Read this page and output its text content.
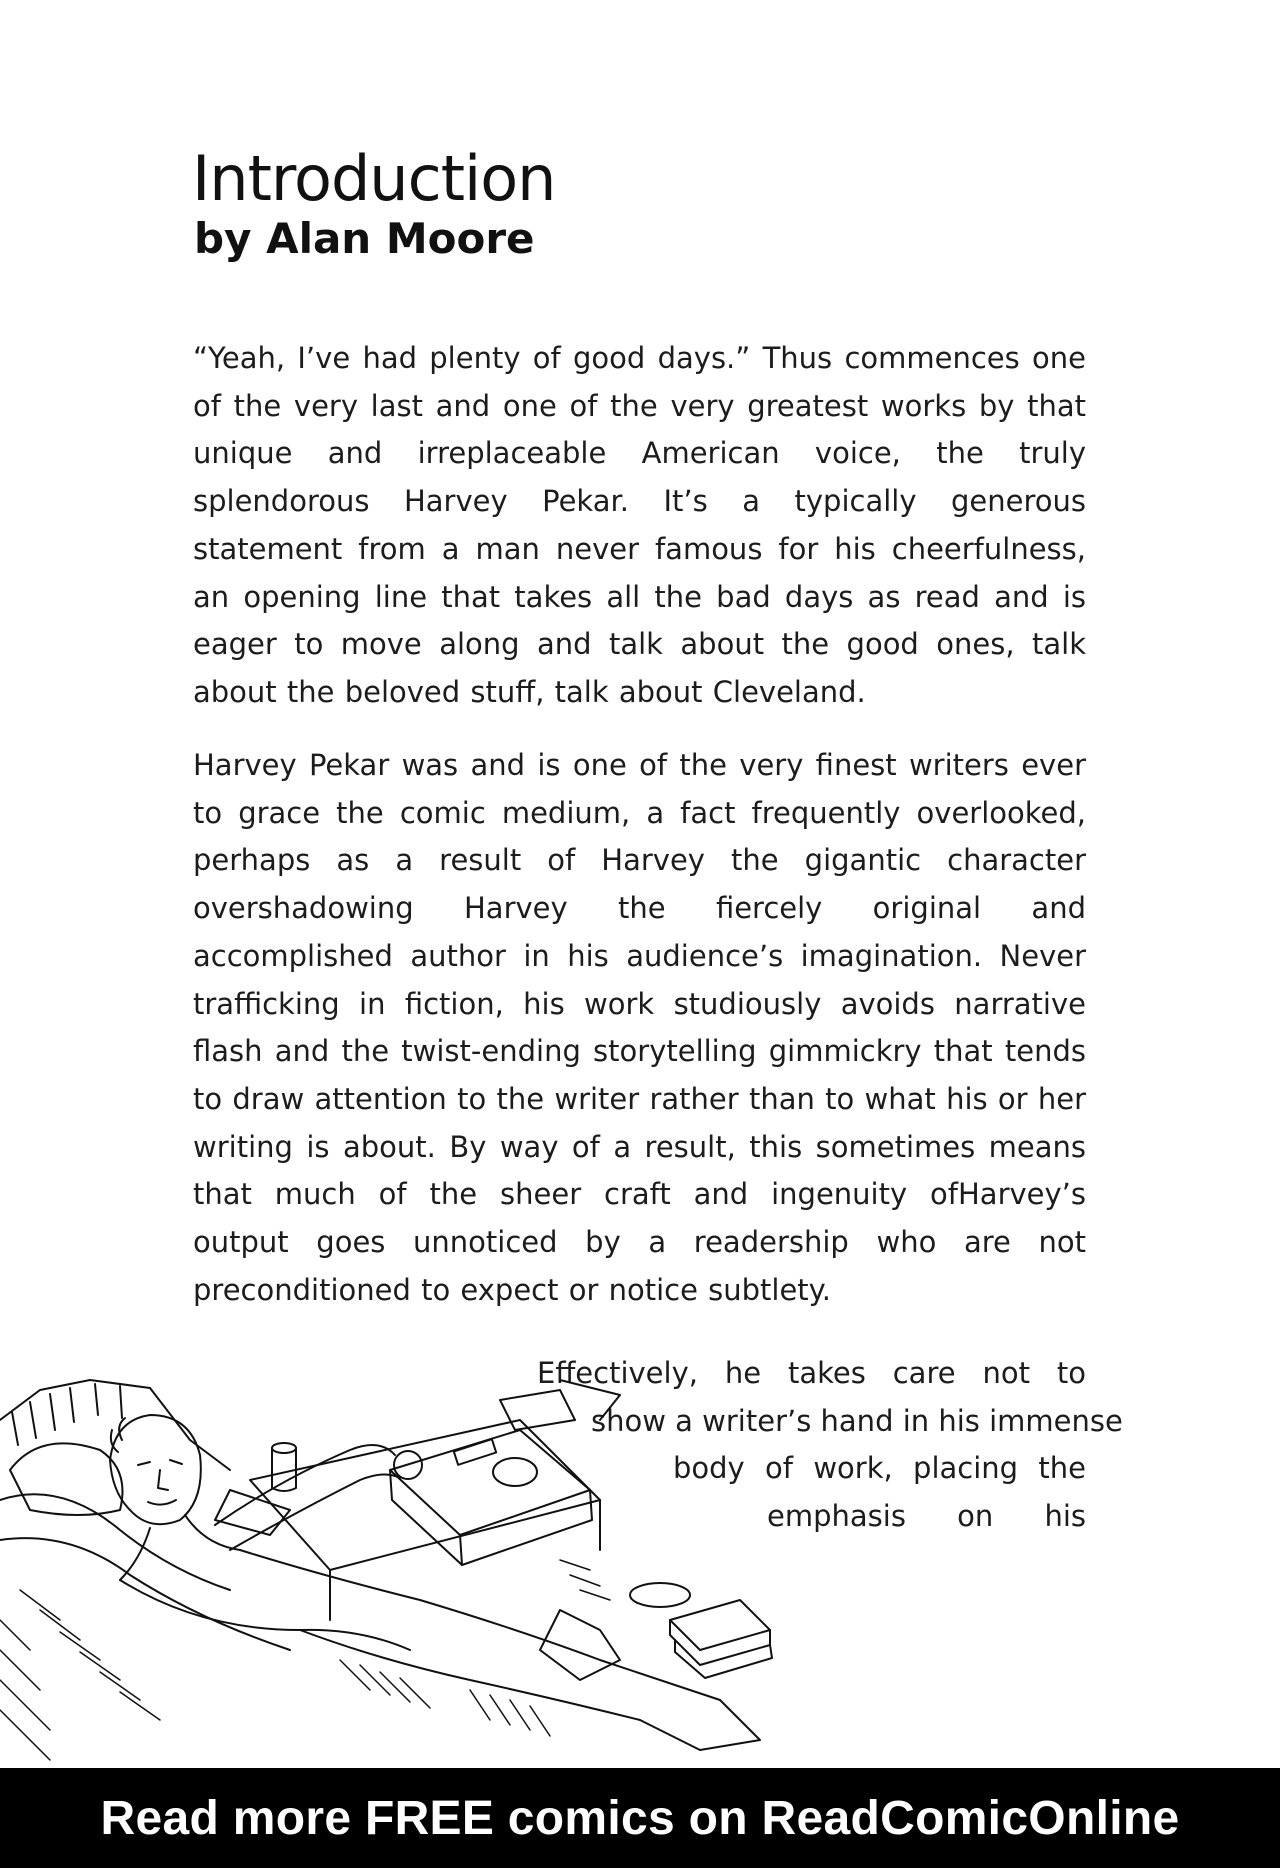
Introduction
by Alan Moore

“Yeah, I’ve had plenty of good days.” Thus commences one of the very last and one of the very greatest works by that unique and irreplaceable American voice, the truly splendorous Harvey Pekar. It’s a typically generous statement from a man never famous for his cheerfulness, an opening line that takes all the bad days as read and is eager to move along and talk about the good ones, talk about the beloved stuff, talk about Cleveland.

Harvey Pekar was and is one of the very finest writers ever to grace the comic medium, a fact frequently overlooked, perhaps as a result of Harvey the gigantic character overshadowing Harvey the fiercely original and accomplished author in his audience’s imagination. Never trafficking in fiction, his work studiously avoids narrative flash and the twist-ending storytelling gimmickry that tends to draw attention to the writer rather than to what his or her writing is about. By way of a result, this sometimes means that much of the sheer craft and ingenuity ofHarvey’s output goes unnoticed by a readership who are not preconditioned to expect or notice subtlety.

Effectively, he takes care not to
show a writer’s hand in his immense
body of work, placing the
emphasis on his
Read more FREE comics on ReadComicOnline
